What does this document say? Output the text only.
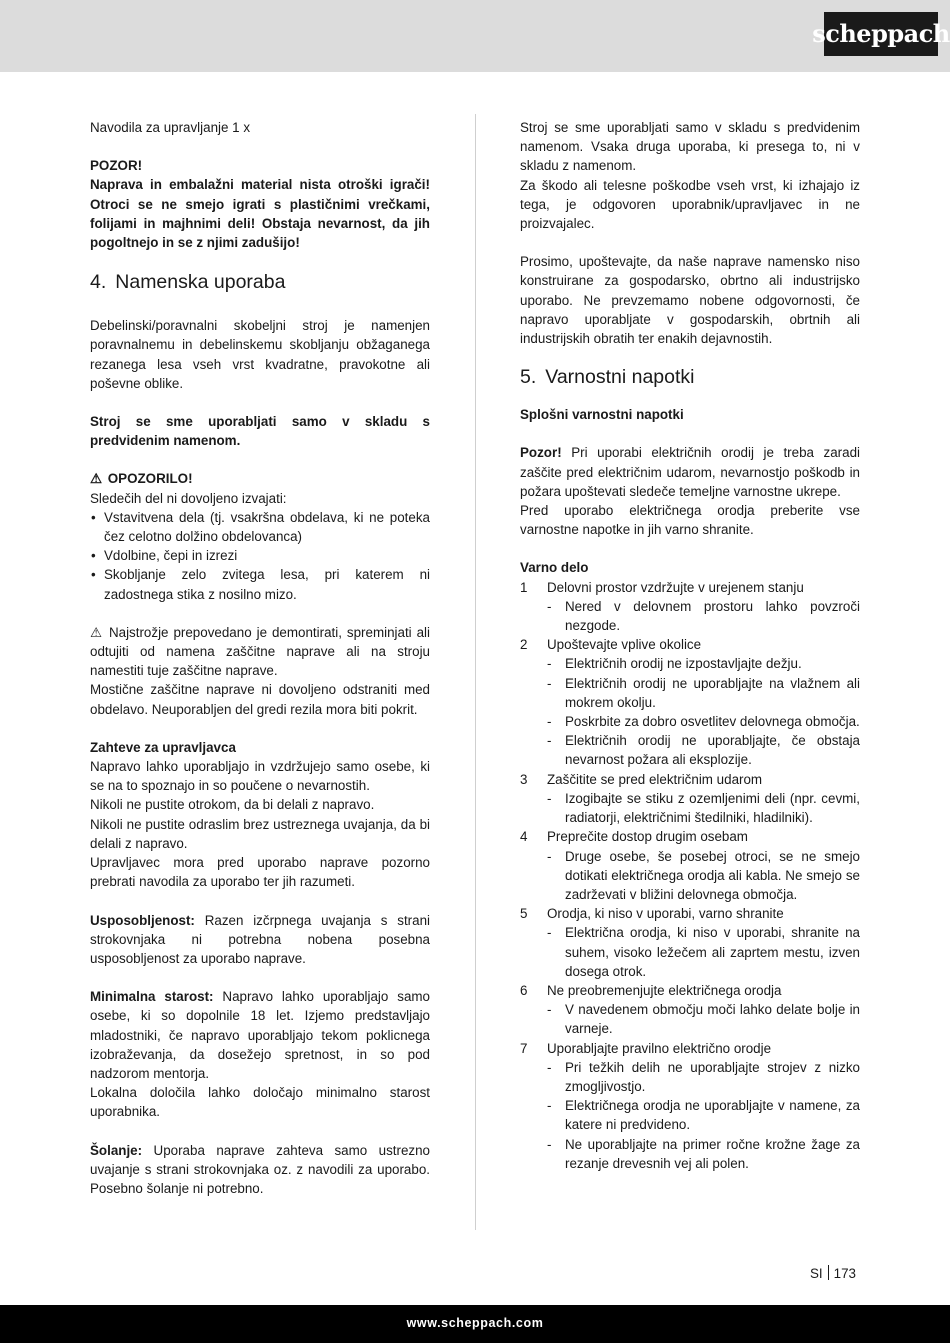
scheppach

Navodila za upravljanje 1 x

POZOR!

Naprava in embalažni material nista otroški igrači! Otroci se ne smejo igrati s plastičnimi vrečkami, folijami in majhnimi deli! Obstaja nevarnost, da jih pogoltnejo in se z njimi zadušijo!

4. Namenska uporaba

Debelinski/poravnalni skobeljni stroj je namenjen poravnalnemu in debelinskemu skobljanju obžaganega rezanega lesa vseh vrst kvadratne, pravokotne ali poševne oblike.

Stroj se sme uporabljati samo v skladu s predvidenim namenom.

⚠ OPOZORILO!

Sledečih del ni dovoljeno izvajati:

• Vstavitvena dela (tj. vsakršna obdelava, ki ne poteka čez celotno dolžino obdelovanca)
• Vdolbine, čepi in izrezi
• Skobljanje zelo zvitega lesa, pri katerem ni zadostnega stika z nosilno mizo.

⚠ Najstrožje prepovedano je demontirati, spreminjati ali odtujiti od namena zaščitne naprave ali na stroju namestiti tuje zaščitne naprave.

Mostične zaščitne naprave ni dovoljeno odstraniti med obdelavo. Neuporabljen del gredi rezila mora biti pokrit.

Zahteve za upravljavca

Napravo lahko uporabljajo in vzdržujejo samo osebe, ki se na to spoznajo in so poučene o nevarnostih.

Nikoli ne pustite otrokom, da bi delali z napravo.

Nikoli ne pustite odraslim brez ustreznega uvajanja, da bi delali z napravo.

Upravljavec mora pred uporabo naprave pozorno prebrati navodila za uporabo ter jih razumeti.

Usposobljenost: Razen izčrpnega uvajanja s strani strokovnjaka ni potrebna nobena posebna usposobljenost za uporabo naprave.

Minimalna starost: Napravo lahko uporabljajo samo osebe, ki so dopolnile 18 let. Izjemo predstavljajo mladostniki, če napravo uporabljajo tekom poklicnega izobraževanja, da dosežejo spretnost, in so pod nadzorom mentorja.

Lokalna določila lahko določajo minimalno starost uporabnika.

Šolanje: Uporaba naprave zahteva samo ustrezno uvajanje s strani strokovnjaka oz. z navodili za uporabo. Posebno šolanje ni potrebno.

Stroj se sme uporabljati samo v skladu s predvidenim namenom. Vsaka druga uporaba, ki presega to, ni v skladu z namenom.

Za škodo ali telesne poškodbe vseh vrst, ki izhajajo iz tega, je odgovoren uporabnik/upravljavec in ne proizvajalec.

Prosimo, upoštevajte, da naše naprave namensko niso konstruirane za gospodarsko, obrtno ali industrijsko uporabo. Ne prevzemamo nobene odgovornosti, če napravo uporabljate v gospodarskih, obrtnih ali industrijskih obratih ter enakih dejavnostih.

5. Varnostni napotki

Splošni varnostni napotki

Pozor! Pri uporabi električnih orodij je treba zaradi zaščite pred električnim udarom, nevarnostjo poškodb in požara upoštevati sledeče temeljne varnostne ukrepe.

Pred uporabo električnega orodja preberite vse varnostne napotke in jih varno shranite.

Varno delo

1 Delovni prostor vzdržujte v urejenem stanju
- Nered v delovnem prostoru lahko povzroči nezgode.
2 Upoštevajte vplive okolice
- Električnih orodij ne izpostavljajte dežju.
- Električnih orodij ne uporabljajte na vlažnem ali mokrem okolju.
- Poskrbite za dobro osvetlitev delovnega območja.
- Električnih orodij ne uporabljajte, če obstaja nevarnost požara ali eksplozije.
3 Zaščitite se pred električnim udarom
- Izogibajte se stiku z ozemljenimi deli (npr. cevmi, radiatorji, električnimi štedilniki, hladilniki).
4 Preprečite dostop drugim osebam
- Druge osebe, še posebej otroci, se ne smejo dotikati električnega orodja ali kabla. Ne smejo se zadrževati v bližini delovnega območja.
5 Orodja, ki niso v uporabi, varno shranite
- Električna orodja, ki niso v uporabi, shranite na suhem, visoko ležečem ali zaprtem mestu, izven dosega otrok.
6 Ne preobremenjujte električnega orodja
- V navedenem območju moči lahko delate bolje in varneje.
7 Uporabljajte pravilno električno orodje
- Pri težkih delih ne uporabljajte strojev z nizko zmogljivostjo.
- Električnega orodja ne uporabljajte v namene, za katere ni predvideno.
- Ne uporabljajte na primer ročne krožne žage za rezanje drevesnih vej ali polen.
SI 173
www.scheppach.com
